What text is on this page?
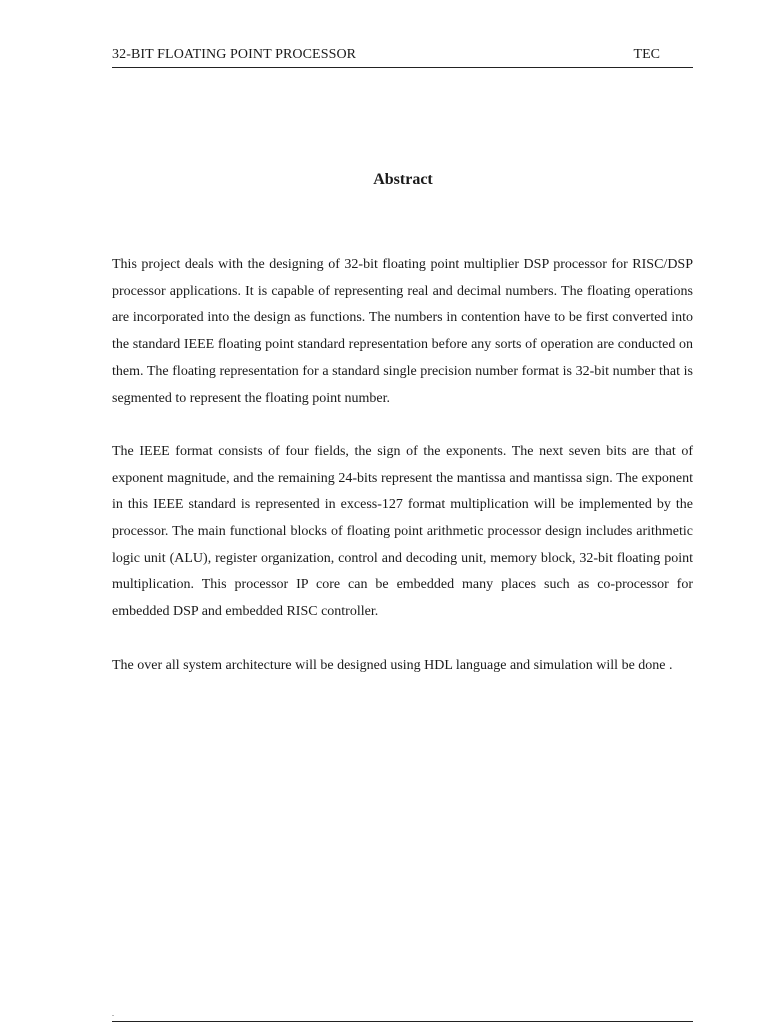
32-BIT FLOATING POINT PROCESSOR	TEC
Abstract

This project deals with the designing of 32-bit floating point multiplier DSP processor for RISC/DSP processor applications. It is capable of representing real and decimal numbers. The floating operations are incorporated into the design as functions. The numbers in contention have to be first converted into the standard IEEE floating point standard representation before any sorts of operation are conducted on them. The floating representation for a standard single precision number format is 32-bit number that is segmented to represent the floating point number.

The IEEE format consists of four fields, the sign of the exponents. The next seven bits are that of exponent magnitude, and the remaining 24-bits represent the mantissa and mantissa sign. The exponent in this IEEE standard is represented in excess-127 format multiplication will be implemented by the processor. The main functional blocks of floating point arithmetic processor design includes arithmetic logic unit (ALU), register organization, control and decoding unit, memory block, 32-bit floating point multiplication. This processor IP core can be embedded many places such as co-processor for embedded DSP and embedded RISC controller.

The over all system architecture will be designed using HDL language and simulation will be done .

.
